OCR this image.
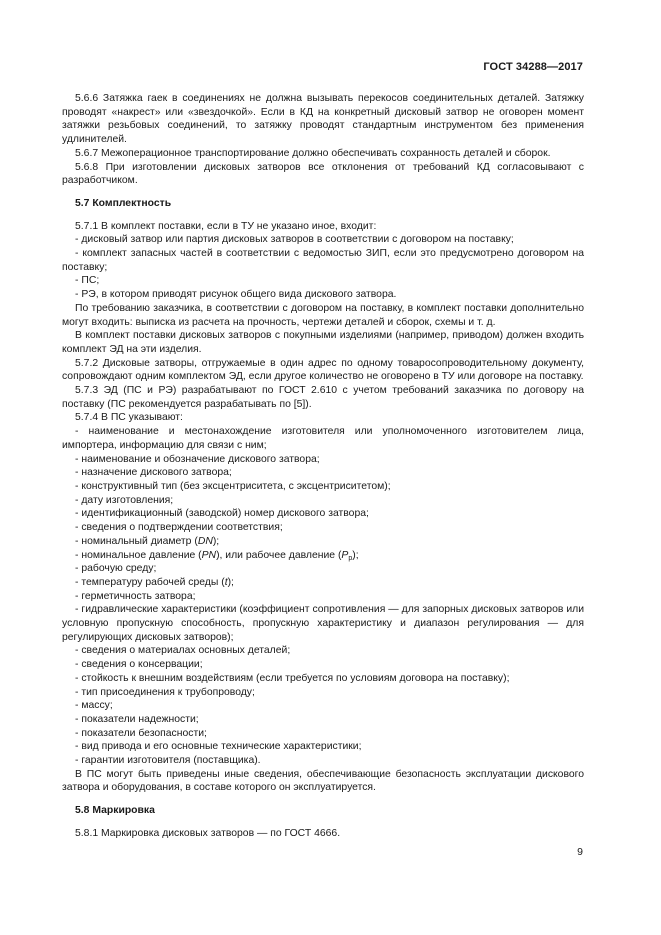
ГОСТ 34288—2017

5.6.6 Затяжка гаек в соединениях не должна вызывать перекосов соединительных деталей. Затяжку проводят «накрест» или «звездочкой». Если в КД на конкретный дисковый затвор не оговорен момент затяжки резьбовых соединений, то затяжку проводят стандартным инструментом без применения удлинителей.

5.6.7 Межоперационное транспортирование должно обеспечивать сохранность деталей и сборок.

5.6.8 При изготовлении дисковых затворов все отклонения от требований КД согласовывают с разработчиком.

5.7 Комплектность

5.7.1 В комплект поставки, если в ТУ не указано иное, входит:

- дисковый затвор или партия дисковых затворов в соответствии с договором на поставку;

- комплект запасных частей в соответствии с ведомостью ЗИП, если это предусмотрено договором на поставку;

- ПС;

- РЭ, в котором приводят рисунок общего вида дискового затвора.

По требованию заказчика, в соответствии с договором на поставку, в комплект поставки дополнительно могут входить: выписка из расчета на прочность, чертежи деталей и сборок, схемы и т. д.

В комплект поставки дисковых затворов с покупными изделиями (например, приводом) должен входить комплект ЭД на эти изделия.

5.7.2 Дисковые затворы, отгружаемые в один адрес по одному товаросопроводительному документу, сопровождают одним комплектом ЭД, если другое количество не оговорено в ТУ или договоре на поставку.

5.7.3 ЭД (ПС и РЭ) разрабатывают по ГОСТ 2.610 с учетом требований заказчика по договору на поставку (ПС рекомендуется разрабатывать по [5]).

5.7.4 В ПС указывают:

- наименование и местонахождение изготовителя или уполномоченного изготовителем лица, импортера, информацию для связи с ним;

- наименование и обозначение дискового затвора;

- назначение дискового затвора;

- конструктивный тип (без эксцентриситета, с эксцентриситетом);

- дату изготовления;

- идентификационный (заводской) номер дискового затвора;

- сведения о подтверждении соответствия;

- номинальный диаметр (DN);

- номинальное давление (PN), или рабочее давление $(P_р)$;

- рабочую среду;

- температуру рабочей среды (t);

- герметичность затвора;

- гидравлические характеристики (коэффициент сопротивления — для запорных дисковых затворов или условную пропускную способность, пропускную характеристику и диапазон регулирования — для регулирующих дисковых затворов);

- сведения о материалах основных деталей;

- сведения о консервации;

- стойкость к внешним воздействиям (если требуется по условиям договора на поставку);

- тип присоединения к трубопроводу;

- массу;

- показатели надежности;

- показатели безопасности;

- вид привода и его основные технические характеристики;

- гарантии изготовителя (поставщика).

В ПС могут быть приведены иные сведения, обеспечивающие безопасность эксплуатации дискового затвора и оборудования, в составе которого он эксплуатируется.

5.8 Маркировка

5.8.1 Маркировка дисковых затворов — по ГОСТ 4666.

9
